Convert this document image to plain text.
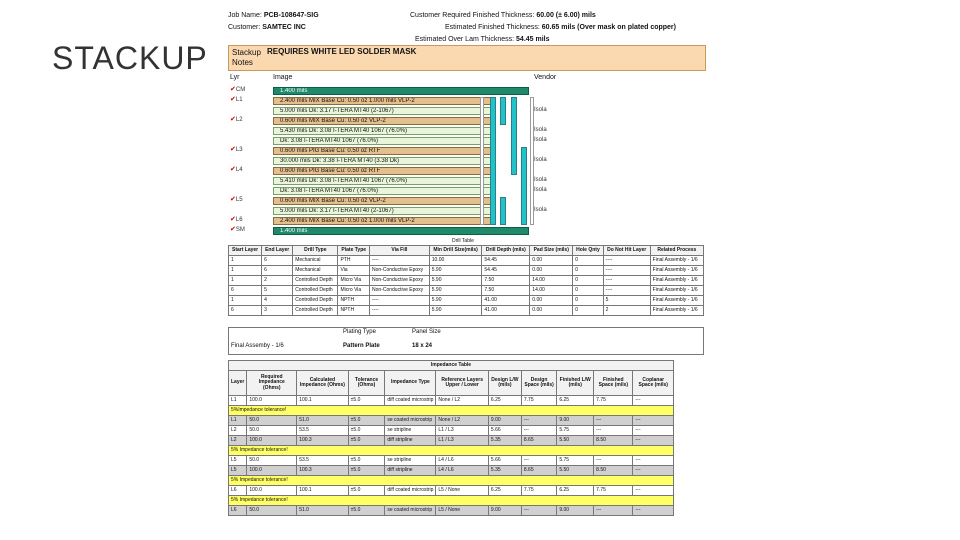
STACKUP
Job Name: PCB-108647-SIG
Customer: SAMTEC INC
Customer Required Finished Thickness: 60.00 (± 6.00) mils
Estimated Finished Thickness: 60.65 mils (Over mask on plated copper)
Estimated Over Lam Thickness: 54.45 mils
Stackup
Notes
REQUIRES WHITE LED SOLDER MASK
Lyr	Image	Vendor
Drill Table
Start Layer	End Layer	Drill Type	Plate Type	Via Fill	Min Drill Size(mils)	Drill Depth (mils)	Pad Size (mils)	Hole Qnty	Do Not Hit Layer	Related Process
1	6	Mechanical	PTH	----	10.00	54.45	0.00	0	----	Final Assembly - 1/6
1	6	Mechanical	Via	Non-Conductive Epoxy	5.90	54.45	0.00	0	----	Final Assembly - 1/6
1	2	Controlled Depth	Micro Via	Non-Conductive Epoxy	5.90	7.50	14.00	0	----	Final Assembly - 1/6
6	5	Controlled Depth	Micro Via	Non-Conductive Epoxy	5.90	7.50	14.00	0	----	Final Assembly - 1/6
1	4	Controlled Depth	NPTH	----	5.90	41.00	0.00	0	5	Final Assembly - 1/6
6	3	Controlled Depth	NPTH	----	5.90	41.00	0.00	0	2	Final Assembly - 1/6
Plating Type	Panel Size
Final Assemby - 1/6	Pattern Plate	18 x 24
Impedance Table										
Layer	Required Impedance (Ohms)	Calculated Impedance (Ohms)	Tolerance (Ohms)	Impedance Type	Reference Layers Upper / Lower	Design L/W (mils)	Design Space (mils)	Finished L/W (mils)	Finished Space (mils)	Coplanar Space (mils)
L1	100.0	100.1	±5.0	diff coated microstrip	None / L2	6.25	7.75	6.25	7.75	---
5%Impedance tolerance!										
L1	50.0	51.0	±5.0	se coated microstrip	None / L2	9.00	---	9.00	---	---
L2	50.0	53.5	±5.0	se stripline	L1 / L3	5.66	---	5.75	---	---
L2	100.0	100.3	±5.0	diff stripline	L1 / L3	5.35	8.65	5.50	8.50	---
5% Impedance tolerance!										
L5	50.0	53.5	±5.0	se stripline	L4 / L6	5.66	---	5.75	---	---
L5	100.0	100.3	±5.0	diff stripline	L4 / L6	5.35	8.65	5.50	8.50	---
5% Impedance tolerance!										
L6	100.0	100.1	±5.0	diff coated microstrip	L5 / None	6.25	7.75	6.25	7.75	---
5% Impedance tolerance!										
L6	50.0	51.0	±5.0	se coated microstrip	L5 / None	9.00	---	9.00	---	---
1.400 mils
✔CM
2.400 mils MIX Base Cu: 0.50 oz 1.000 mils VLP-2
✔L1
5.000 mils Dk: 3.17 I-TERA MT40 (2-1067)	Isola
0.600 mils MIX Base Cu: 0.50 oz VLP-2
✔L2
5.430 mils Dk: 3.08 I-TERA MT40 1067 (76.0%)	Isola
Dk: 3.08 I-TERA MT40 1067 (76.0%)	Isola
0.600 mils PIG Base Cu: 0.50 oz RTF
✔L3
30.000 mils Dk: 3.38 I-TERA MT40 (3.38 Dk)	Isola
0.600 mils PIG Base Cu: 0.50 oz RTF
✔L4
5.410 mils Dk: 3.08 I-TERA MT40 1067 (76.0%)	Isola
Dk: 3.08 I-TERA MT40 1067 (76.0%)	Isola
0.600 mils MIX Base Cu: 0.50 oz VLP-2
✔L5
5.000 mils Dk: 3.17 I-TERA MT40 (2-1067)	Isola
2.400 mils MIX Base Cu: 0.50 oz 1.000 mils VLP-2
✔L6
1.400 mils
✔SM
